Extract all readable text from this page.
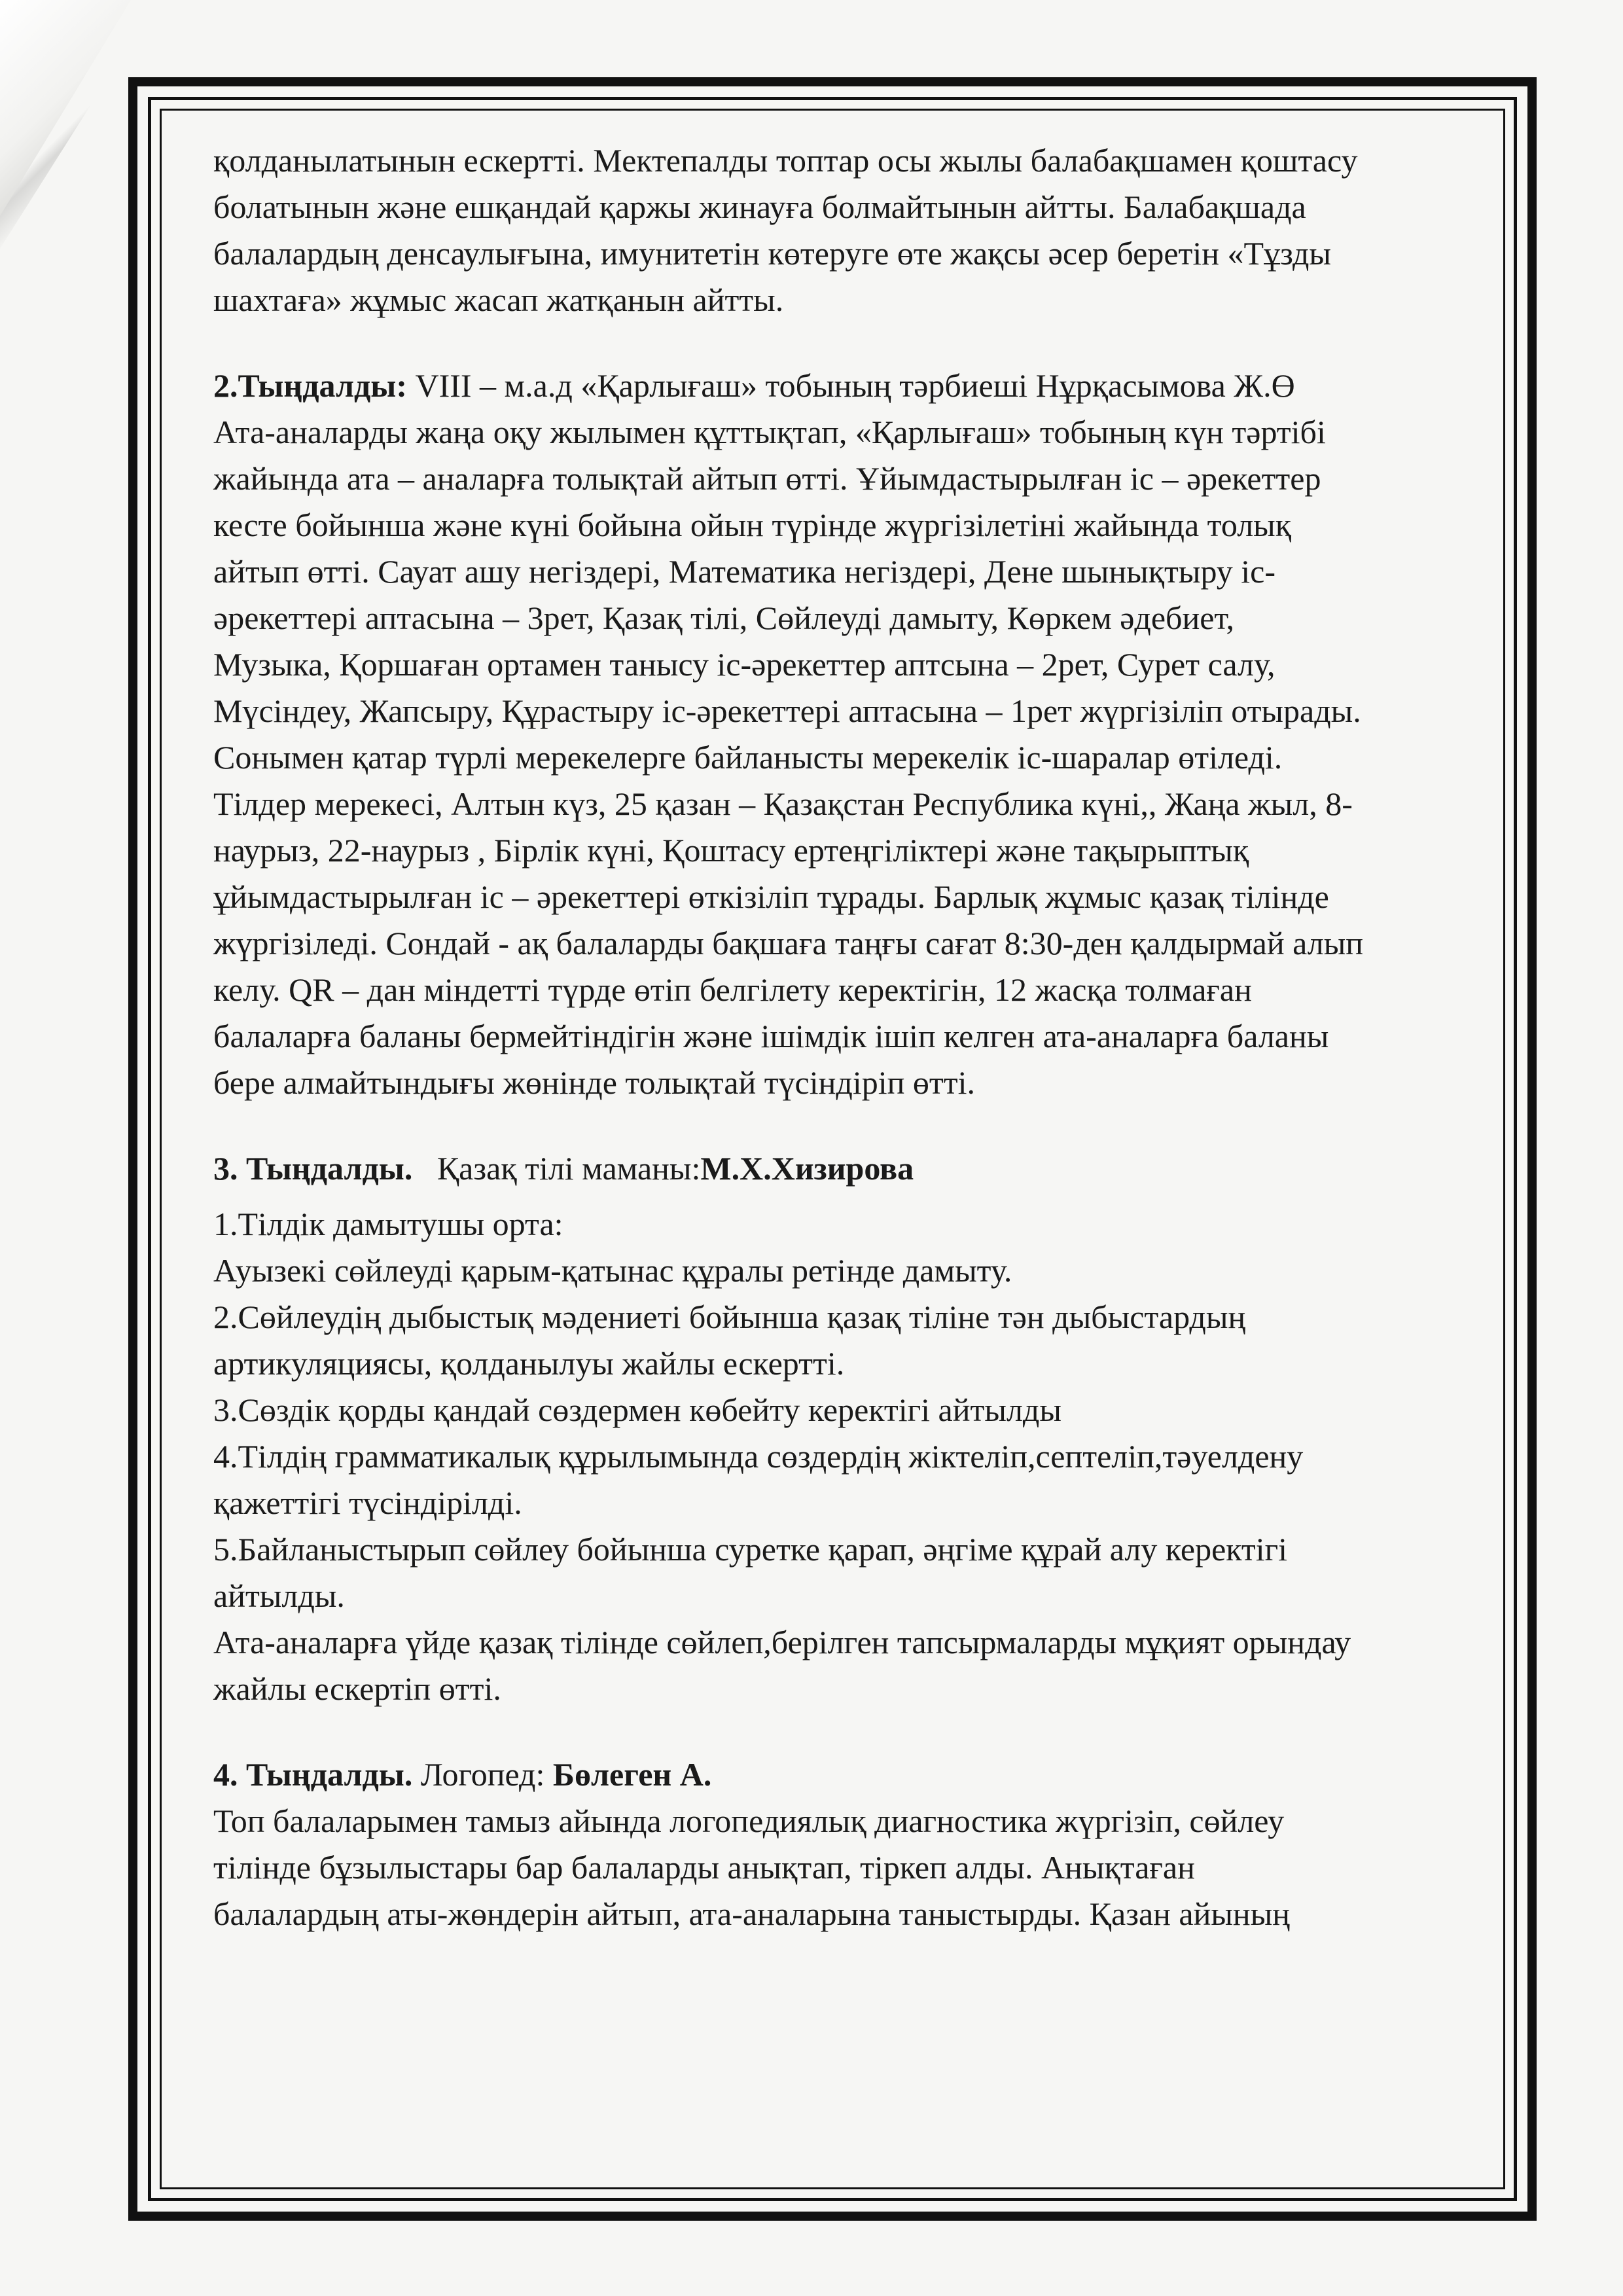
қолданылатынын ескертті. Мектепалды топтар осы жылы балабақшамен қоштасу

болатынын және ешқандай қаржы жинауға болмайтынын айтты. Балабақшада

балалардың денсаулығына, имунитетін көтеруге өте жақсы әсер беретін «Тұзды

шахтаға» жұмыс жасап жатқанын айтты.

2.Тыңдалды: VIII – м.а.д «Қарлығаш» тобының тәрбиеші Нұрқасымова Ж.Ө

Ата-аналарды жаңа оқу жылымен құттықтап, «Қарлығаш» тобының күн тәртібі

жайында ата – аналарға толықтай айтып өтті. Ұйымдастырылған іс – әрекеттер

кесте бойынша және күні бойына ойын түрінде жүргізілетіні жайында толық

айтып өтті. Сауат ашу негіздері, Математика негіздері, Дене шынықтыру іс-

әрекеттері аптасына – 3рет, Қазақ тілі, Сөйлеуді дамыту, Көркем әдебиет,

Музыка, Қоршаған ортамен танысу іс-әрекеттер аптсына – 2рет, Сурет салу,

Мүсіндеу, Жапсыру, Құрастыру іс-әрекеттері аптасына – 1рет жүргізіліп отырады.

Сонымен қатар түрлі мерекелерге байланысты мерекелік іс-шаралар өтіледі.

Тілдер мерекесі, Алтын күз, 25 қазан – Қазақстан Республика күні,, Жаңа жыл, 8-

наурыз, 22-наурыз , Бірлік күні, Қоштасу ертеңгіліктері және тақырыптық

ұйымдастырылған іс – әрекеттері өткізіліп тұрады. Барлық жұмыс қазақ тілінде

жүргізіледі. Сондай - ақ балаларды бақшаға таңғы сағат 8:30-ден қалдырмай алып

келу. QR – дан міндетті түрде өтіп белгілету керектігін, 12 жасқа толмаған

балаларға баланы бермейтіндігін және ішімдік ішіп келген ата-аналарға баланы

бере алмайтындығы жөнінде толықтай түсіндіріп өтті.

3. Тыңдалды.   Қазақ тілі маманы:М.Х.Хизирова

1.Тілдік дамытушы орта:

Ауызекі сөйлеуді қарым-қатынас құралы ретінде дамыту.

2.Сөйлеудің дыбыстық мәдениеті бойынша қазақ тіліне тән дыбыстардың

артикуляциясы, қолданылуы жайлы ескертті.

3.Сөздік қорды қандай сөздермен көбейту керектігі айтылды

4.Тілдің грамматикалық құрылымында сөздердің жіктеліп,септеліп,тәуелдену

қажеттігі түсіндірілді.

5.Байланыстырып сөйлеу бойынша суретке қарап, әңгіме құрай алу керектігі

айтылды.

Ата-аналарға үйде қазақ тілінде сөйлеп,берілген тапсырмаларды мұқият орындау

жайлы ескертіп өтті.

4. Тыңдалды. Логопед: Бөлеген А.

Топ балаларымен тамыз айында логопедиялық диагностика жүргізіп, сөйлеу

тілінде бұзылыстары бар балаларды анықтап, тіркеп алды. Анықтаған

балалардың аты-жөндерін айтып, ата-аналарына таныстырды. Қазан айының
